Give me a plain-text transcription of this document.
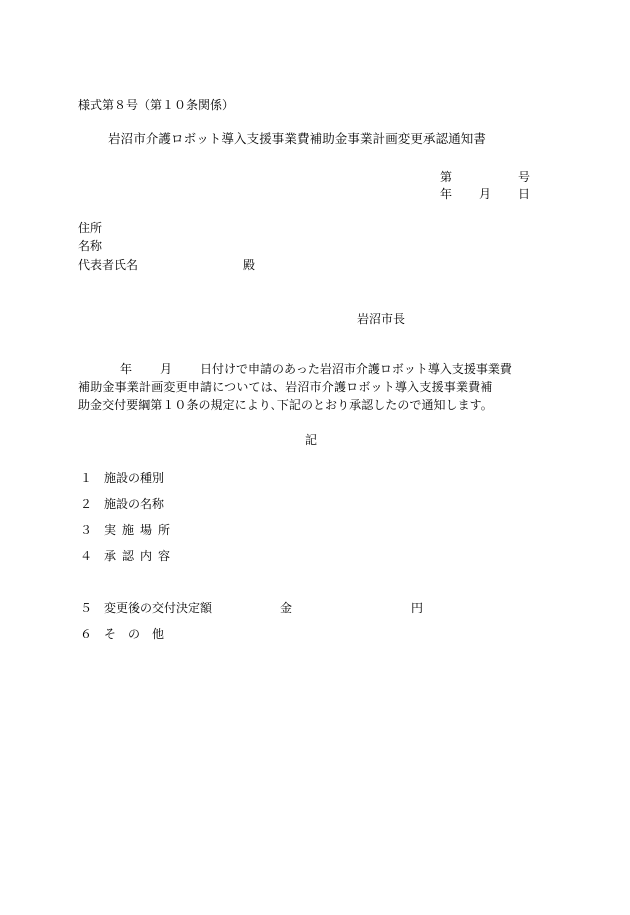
様式第８号（第１０条関係）
岩沼市介護ロボット導入支援事業費補助金事業計画変更承認通知書
第	号
年 月 日
住所
名称
代表者氏名	殿
岩沼市長
年 月 日付けで申請のあった岩沼市介護ロボット導入支援事業費
補助金事業計画変更申請については、岩沼市介護ロボット導入支援事業費補
助金交付要綱第１０条の規定により､下記のとおり承認したので通知します。
記
１ 施設の種別
２ 施設の名称
３ 実施場所
４ 承認内容
５ 変更後の交付決定額	金	円
６ その他
